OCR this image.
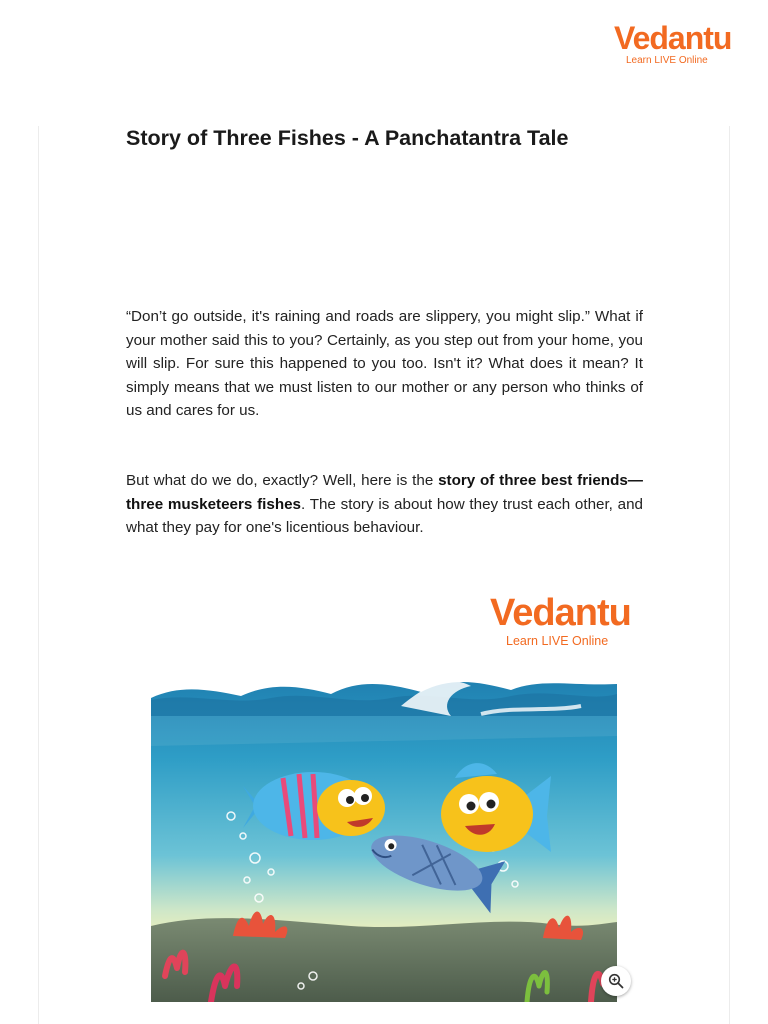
Vedantu
Learn LIVE Online
Story of Three Fishes - A Panchatantra Tale

“Don’t go outside, it's raining and roads are slippery, you might slip.” What if your mother said this to you? Certainly, as you step out from your home, you will slip. For sure this happened to you too. Isn't it? What does it mean? It simply means that we must listen to our mother or any person who thinks of us and cares for us.

But what do we do, exactly? Well, here is the story of three best friends—three musketeers fishes. The story is about how they trust each other, and what they pay for one's licentious behaviour.

Vedantu
Learn LIVE Online
